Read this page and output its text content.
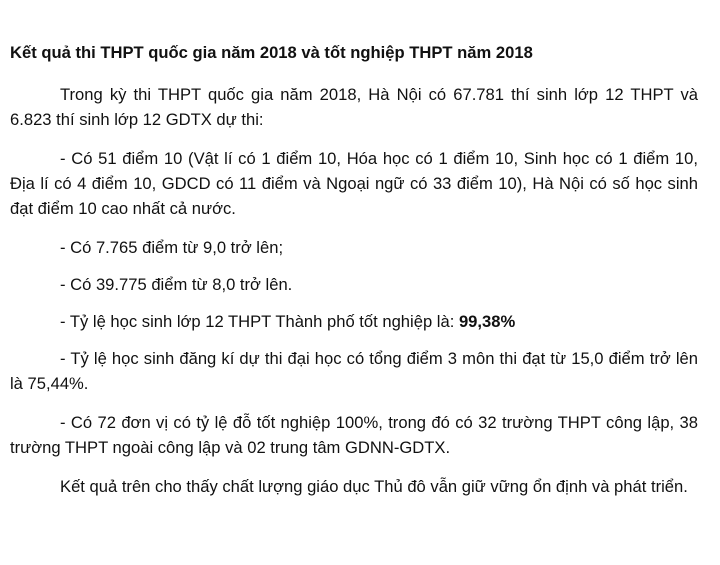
Kết quả thi THPT quốc gia năm 2018 và tốt nghiệp THPT năm 2018

Trong kỳ thi THPT quốc gia năm 2018, Hà Nội có 67.781 thí sinh lớp 12 THPT và 6.823 thí sinh lớp 12 GDTX dự thi:

- Có 51 điểm 10 (Vật lí có 1 điểm 10, Hóa học có 1 điểm 10, Sinh học có 1 điểm 10, Địa lí có 4 điểm 10, GDCD có 11 điểm và Ngoại ngữ có 33 điểm 10), Hà Nội có số học sinh đạt điểm 10 cao nhất cả nước.

- Có 7.765 điểm từ 9,0 trở lên;

- Có 39.775 điểm từ 8,0 trở lên.

- Tỷ lệ học sinh lớp 12 THPT Thành phố tốt nghiệp là: 99,38%

- Tỷ lệ học sinh đăng kí dự thi đại học có tổng điểm 3 môn thi đạt từ 15,0 điểm trở lên là 75,44%.

- Có 72 đơn vị có tỷ lệ đỗ tốt nghiệp 100%, trong đó có 32 trường THPT công lập, 38 trường THPT ngoài công lập và 02 trung tâm GDNN-GDTX.

Kết quả trên cho thấy chất lượng giáo dục Thủ đô vẫn giữ vững ổn định và phát triển.
